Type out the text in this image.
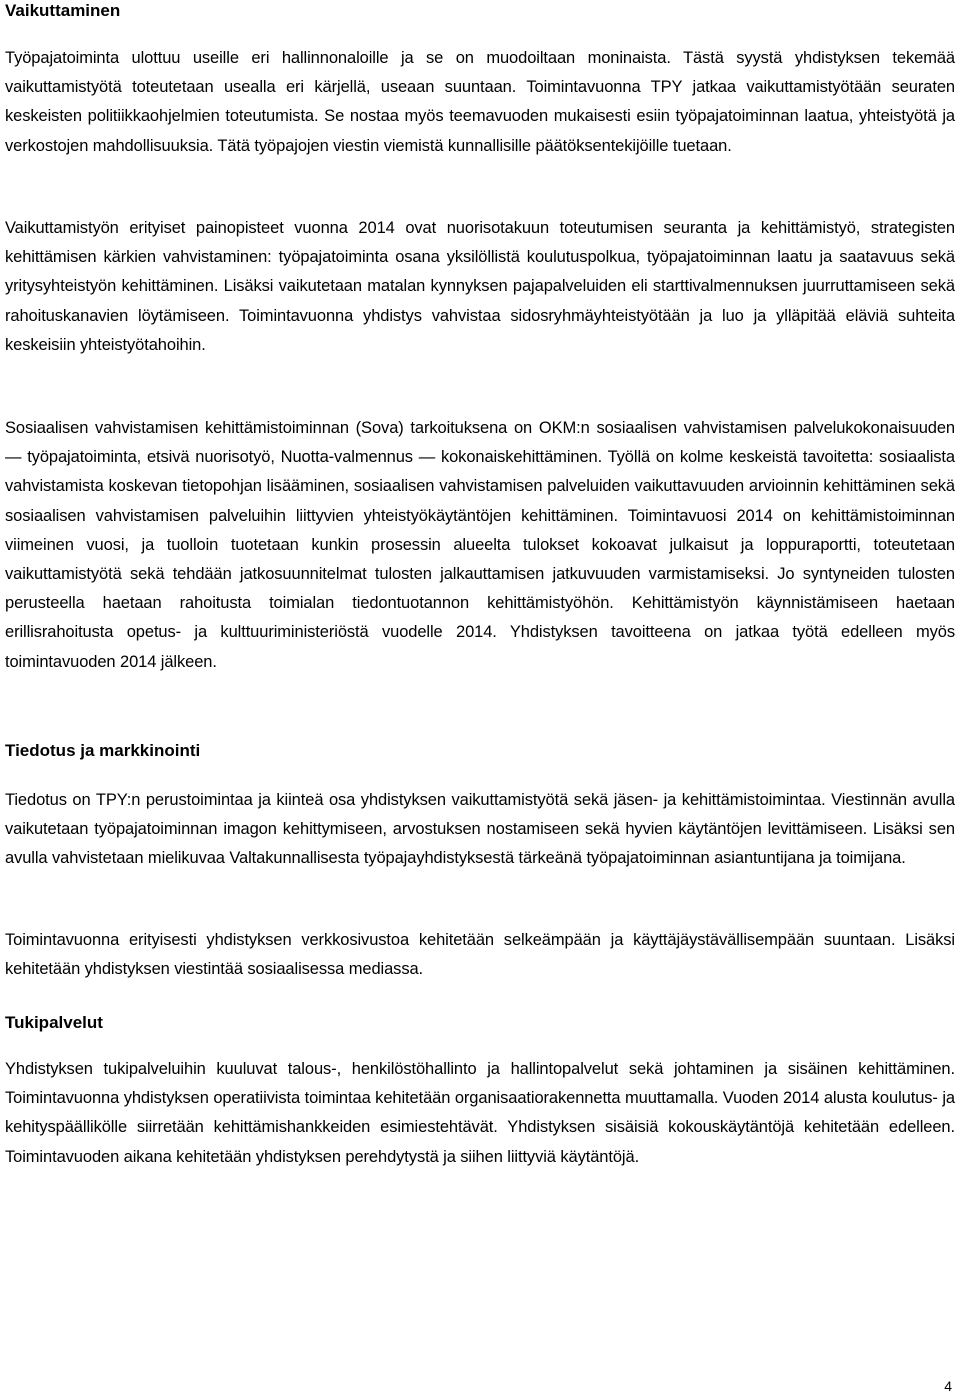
Vaikuttaminen

Työpajatoiminta ulottuu useille eri hallinnonaloille ja se on muodoiltaan moninaista. Tästä syystä yhdistyksen tekemää vaikuttamistyötä toteutetaan usealla eri kärjellä, useaan suuntaan. Toimintavuonna TPY jatkaa vaikuttamistyötään seuraten keskeisten politiikkaohjelmien toteutumista. Se nostaa myös teemavuoden mukaisesti esiin työpajatoiminnan laatua, yhteistyötä ja verkostojen mahdollisuuksia. Tätä työpajojen viestin viemistä kunnallisille päätöksentekijöille tuetaan.

Vaikuttamistyön erityiset painopisteet vuonna 2014 ovat nuorisotakuun toteutumisen seuranta ja kehittämistyö, strategisten kehittämisen kärkien vahvistaminen: työpajatoiminta osana yksilöllistä koulutuspolkua, työpajatoiminnan laatu ja saatavuus sekä yritysyhteistyön kehittäminen. Lisäksi vaikutetaan matalan kynnyksen pajapalveluiden eli starttivalmennuksen juurruttamiseen sekä rahoituskanavien löytämiseen. Toimintavuonna yhdistys vahvistaa sidosryhmäyhteistyötään ja luo ja ylläpitää eläviä suhteita keskeisiin yhteistyötahoihin.

Sosiaalisen vahvistamisen kehittämistoiminnan (Sova) tarkoituksena on OKM:n sosiaalisen vahvistamisen palvelukokonaisuuden — työpajatoiminta, etsivä nuorisotyö, Nuotta-valmennus — kokonaiskehittäminen. Työllä on kolme keskeistä tavoitetta: sosiaalista vahvistamista koskevan tietopohjan lisääminen, sosiaalisen vahvistamisen palveluiden vaikuttavuuden arvioinnin kehittäminen sekä sosiaalisen vahvistamisen palveluihin liittyvien yhteistyökäytäntöjen kehittäminen. Toimintavuosi 2014 on kehittämistoiminnan viimeinen vuosi, ja tuolloin tuotetaan kunkin prosessin alueelta tulokset kokoavat julkaisut ja loppuraportti, toteutetaan vaikuttamistyötä sekä tehdään jatkosuunnitelmat tulosten jalkauttamisen jatkuvuuden varmistamiseksi. Jo syntyneiden tulosten perusteella haetaan rahoitusta toimialan tiedontuotannon kehittämistyöhön. Kehittämistyön käynnistämiseen haetaan erillisrahoitusta opetus- ja kulttuuriministeriöstä vuodelle 2014. Yhdistyksen tavoitteena on jatkaa työtä edelleen myös toimintavuoden 2014 jälkeen.

Tiedotus ja markkinointi

Tiedotus on TPY:n perustoimintaa ja kiinteä osa yhdistyksen vaikuttamistyötä sekä jäsen- ja kehittämistoimintaa. Viestinnän avulla vaikutetaan työpajatoiminnan imagon kehittymiseen, arvostuksen nostamiseen sekä hyvien käytäntöjen levittämiseen. Lisäksi sen avulla vahvistetaan mielikuvaa Valtakunnallisesta työpajayhdistyksestä tärkeänä työpajatoiminnan asiantuntijana ja toimijana.

Toimintavuonna erityisesti yhdistyksen verkkosivustoa kehitetään selkeämpään ja käyttäjäystävällisempään suuntaan. Lisäksi kehitetään yhdistyksen viestintää sosiaalisessa mediassa.

Tukipalvelut

Yhdistyksen tukipalveluihin kuuluvat talous-, henkilöstöhallinto ja hallintopalvelut sekä johtaminen ja sisäinen kehittäminen. Toimintavuonna yhdistyksen operatiivista toimintaa kehitetään organisaatiorakennetta muuttamalla. Vuoden 2014 alusta koulutus- ja kehityspäällikölle siirretään kehittämishankkeiden esimiestehtävät. Yhdistyksen sisäisiä kokouskäytäntöjä kehitetään edelleen. Toimintavuoden aikana kehitetään yhdistyksen perehdytystä ja siihen liittyviä käytäntöjä.

4
